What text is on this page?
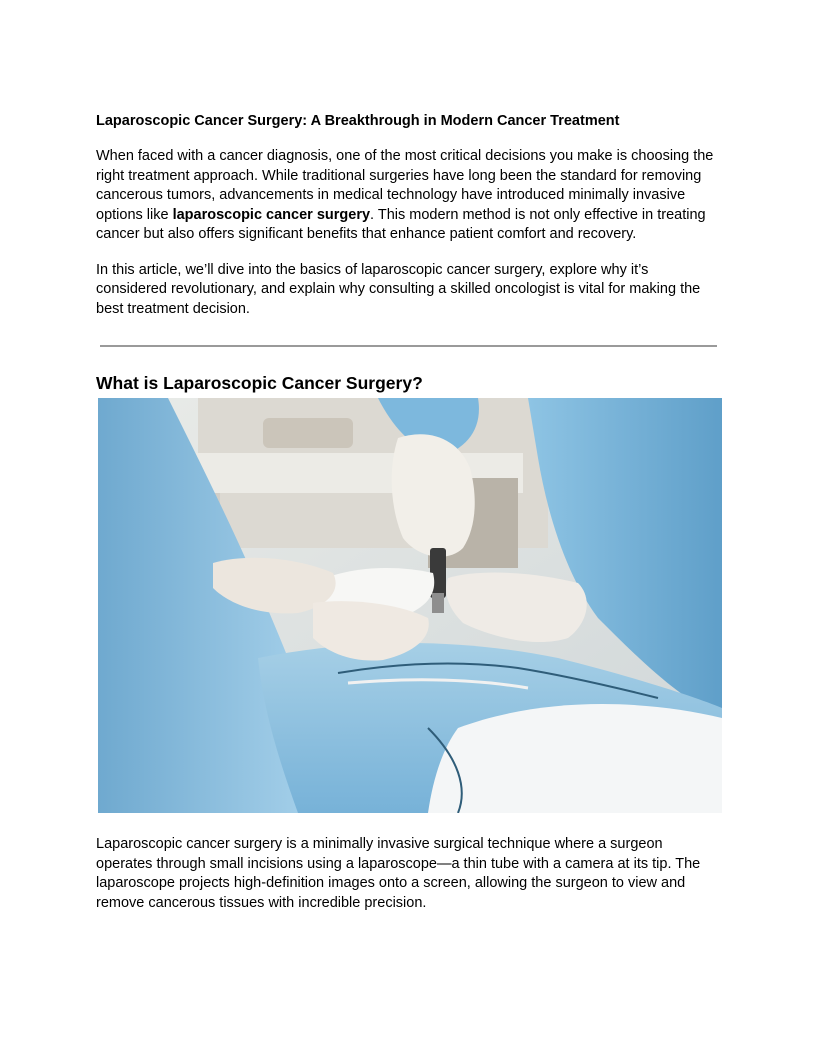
Laparoscopic Cancer Surgery: A Breakthrough in Modern Cancer Treatment

When faced with a cancer diagnosis, one of the most critical decisions you make is choosing the right treatment approach. While traditional surgeries have long been the standard for removing cancerous tumors, advancements in medical technology have introduced minimally invasive options like laparoscopic cancer surgery. This modern method is not only effective in treating cancer but also offers significant benefits that enhance patient comfort and recovery.

In this article, we’ll dive into the basics of laparoscopic cancer surgery, explore why it’s considered revolutionary, and explain why consulting a skilled oncologist is vital for making the best treatment decision.

What is Laparoscopic Cancer Surgery?

Laparoscopic cancer surgery is a minimally invasive surgical technique where a surgeon operates through small incisions using a laparoscope—a thin tube with a camera at its tip. The laparoscope projects high-definition images onto a screen, allowing the surgeon to view and remove cancerous tissues with incredible precision.
